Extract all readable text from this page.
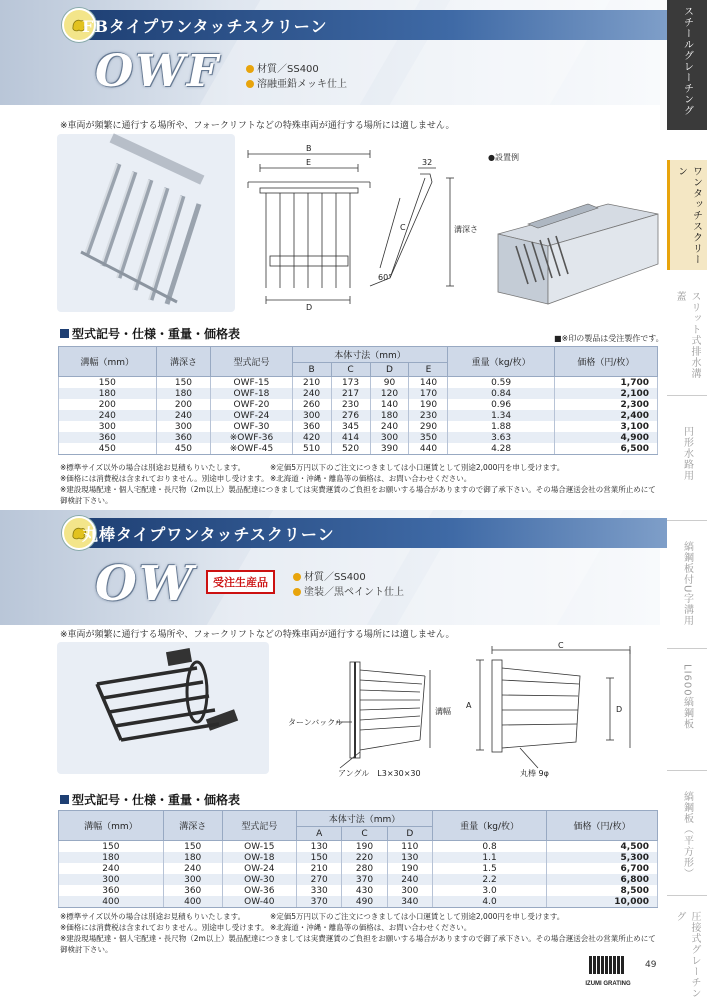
FBタイプワンタッチスクリーン
OWF	材質／SS400
溶融亜鉛メッキ仕上
※車両が頻繁に通行する場所や、フォークリフトなどの特殊車両が通行する場所には適しません。
B
E
D
32
C
60°
溝深さ
●設置例
型式記号・仕様・重量・価格表	■※印の製品は受注製作です。
溝幅（mm）	溝深さ	型式記号	本体寸法（mm）				重量（kg/枚）	価格（円/枚）
			B	C	D	E		
150	150	OWF-15	210	173	90	140	0.59	1,700
180	180	OWF-18	240	217	120	170	0.84	2,100
200	200	OWF-20	260	230	140	190	0.96	2,300
240	240	OWF-24	300	276	180	230	1.34	2,400
300	300	OWF-30	360	345	240	290	1.88	3,100
360	360	※OWF-36	420	414	300	350	3.63	4,900
450	450	※OWF-45	510	520	390	440	4.28	6,500
※標準サイズ以外の場合は別途お見積もりいたします。	※定価5万円以下のご注文につきましては小口運賃として別途2,000円を申し受けます。
※価格には消費税は含まれておりません。別途申し受けます。 ※北海道・沖縄・離島等の価格は、お問い合わせください。
※建設現場配達・個人宅配達・長尺物（2m以上）製品配達につきましては実費運賃のご負担をお願いする場合がありますので御了承下さい。その場合運送会社の営業所止めにて御検討下さい。
丸棒タイプワンタッチスクリーン
OW	受注生産品	材質／SS400
塗装／黒ペイント仕上
※車両が頻繁に通行する場所や、フォークリフトなどの特殊車両が通行する場所には適しません。
ターンバックル
溝幅
A
C
D
アングル　L3×30×30	丸棒 9φ
型式記号・仕様・重量・価格表
溝幅（mm）	溝深さ	型式記号	本体寸法（mm）			重量（kg/枚）	価格（円/枚）
			A	C	D		
150	150	OW-15	130	190	110	0.8	4,500
180	180	OW-18	150	220	130	1.1	5,300
240	240	OW-24	210	280	190	1.5	6,700
300	300	OW-30	270	370	240	2.2	6,800
360	360	OW-36	330	430	300	3.0	8,500
400	400	OW-40	370	490	340	4.0	10,000
※標準サイズ以外の場合は別途お見積もりいたします。	※定価5万円以下のご注文につきましては小口運賃として別途2,000円を申し受けます。
※価格には消費税は含まれておりません。別途申し受けます。 ※北海道・沖縄・離島等の価格は、お問い合わせください。
※建設現場配達・個人宅配達・長尺物（2m以上）製品配達につきましては実費運賃のご負担をお願いする場合がありますので御了承下さい。その場合運送会社の営業所止めにて御検討下さい。
スチールグレーチング
ワンタッチスクリーン
スリット式排水溝蓋
円形水路用
縞鋼板付U字溝用
LI600縞鋼板
縞鋼板（平方形）
圧接式グレーチング
IZUMI GRATING
49
